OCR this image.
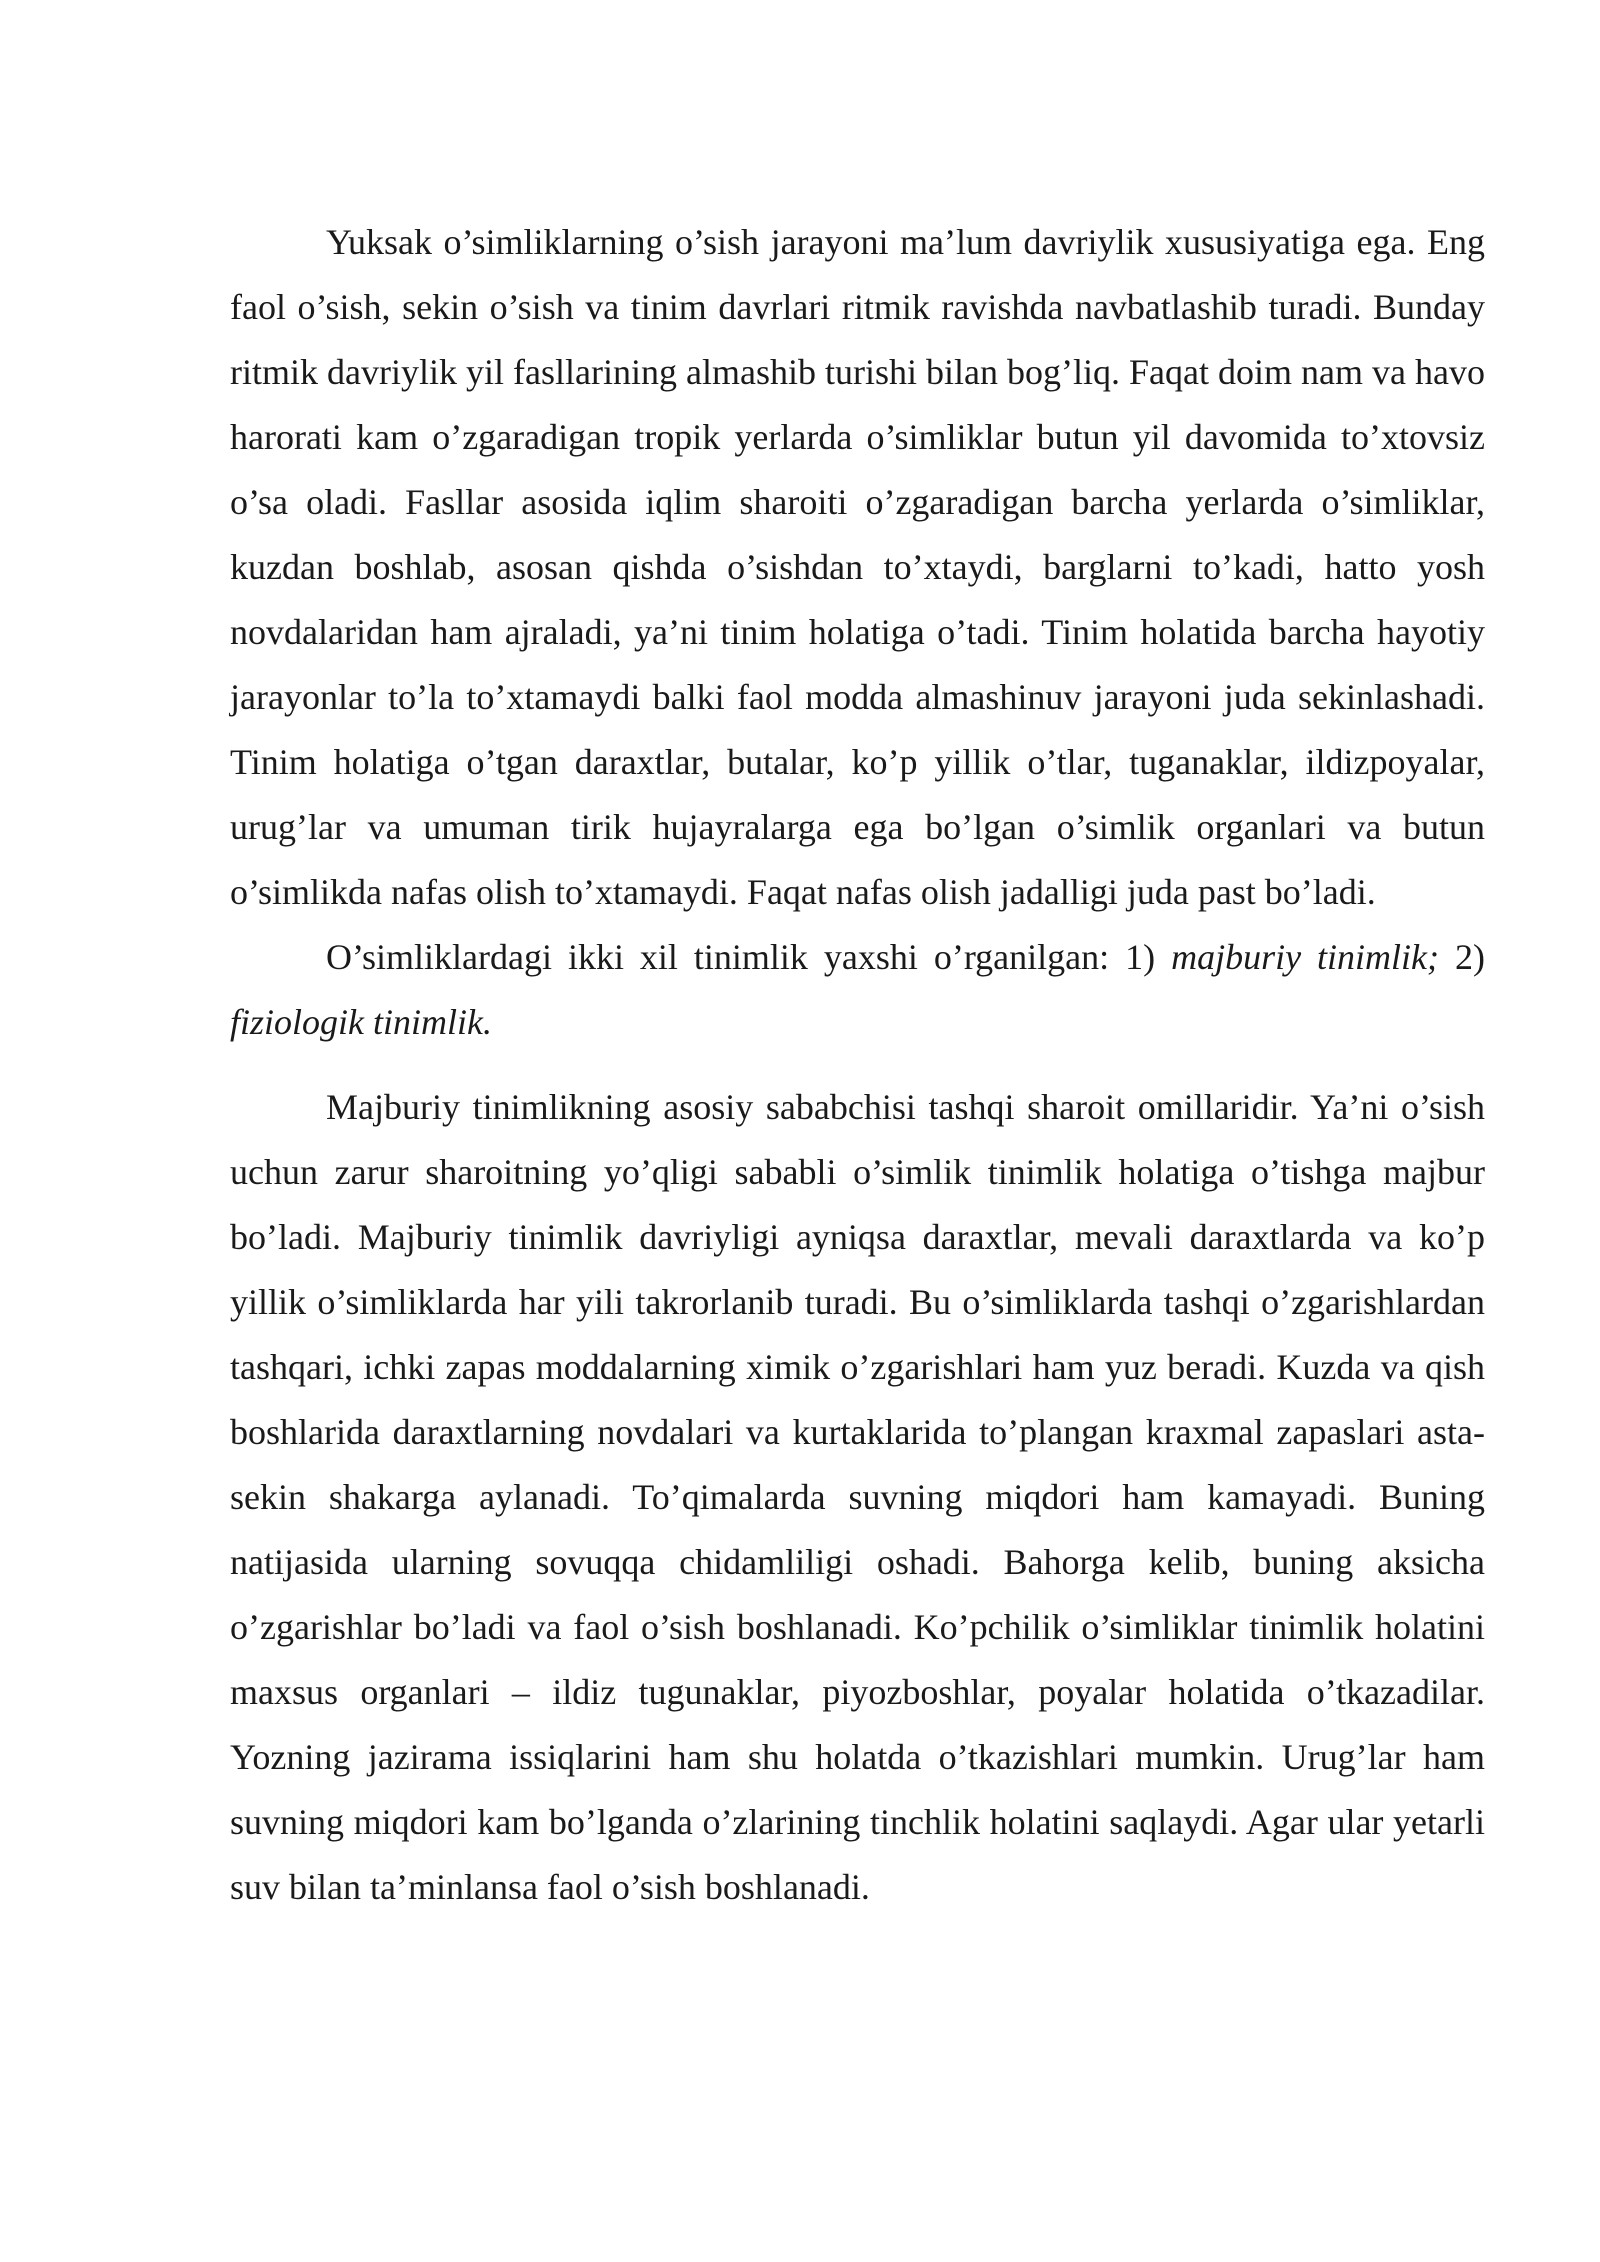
Yuksak o’simliklarning o’sish jarayoni ma’lum davriylik xususiyatiga ega. Eng faol o’sish, sekin o’sish va tinim davrlari ritmik ravishda navbatlashib turadi. Bunday ritmik davriylik yil fasllarining almashib turishi bilan bog’liq. Faqat doim nam va havo harorati kam o’zgaradigan tropik yerlarda o’simliklar butun yil davomida to’xtovsiz o’sa oladi. Fasllar asosida iqlim sharoiti o’zgaradigan barcha yerlarda o’simliklar, kuzdan boshlab, asosan qishda o’sishdan to’xtaydi, barglarni to’kadi, hatto yosh novdalaridan ham ajraladi, ya’ni tinim holatiga o’tadi. Tinim holatida barcha hayotiy jarayonlar to’la to’xtamaydi balki faol modda almashinuv jarayoni juda sekinlashadi. Tinim holatiga o’tgan daraxtlar, butalar, ko’p yillik o’tlar, tuganaklar, ildizpoyalar, urug’lar va umuman tirik hujayralarga ega bo’lgan o’simlik organlari va butun o’simlikda nafas olish to’xtamaydi. Faqat nafas olish jadalligi juda past bo’ladi.

O’simliklardagi ikki xil tinimlik yaxshi o’rganilgan: 1) majburiy tinimlik; 2) fiziologik tinimlik.

Majburiy tinimlikning asosiy sababchisi tashqi sharoit omillaridir. Ya’ni o’sish uchun zarur sharoitning yo’qligi sababli o’simlik tinimlik holatiga o’tishga majbur bo’ladi. Majburiy tinimlik davriyligi ayniqsa daraxtlar, mevali daraxtlarda va ko’p yillik o’simliklarda har yili takrorlanib turadi. Bu o’simliklarda tashqi o’zgarishlardan tashqari, ichki zapas moddalarning ximik o’zgarishlari ham yuz beradi. Kuzda va qish boshlarida daraxtlarning novdalari va kurtaklarida to’plangan kraxmal zapaslari asta-sekin shakarga aylanadi. To’qimalarda suvning miqdori ham kamayadi. Buning natijasida ularning sovuqqa chidamliligi oshadi. Bahorga kelib, buning aksicha o’zgarishlar bo’ladi va faol o’sish boshlanadi. Ko’pchilik o’simliklar tinimlik holatini maxsus organlari – ildiz tugunaklar, piyozboshlar, poyalar holatida o’tkazadilar. Yozning jazirama issiqlarini ham shu holatda o’tkazishlari mumkin. Urug’lar ham suvning miqdori kam bo’lganda o’zlarining tinchlik holatini saqlaydi. Agar ular yetarli suv bilan ta’minlansa faol o’sish boshlanadi.
